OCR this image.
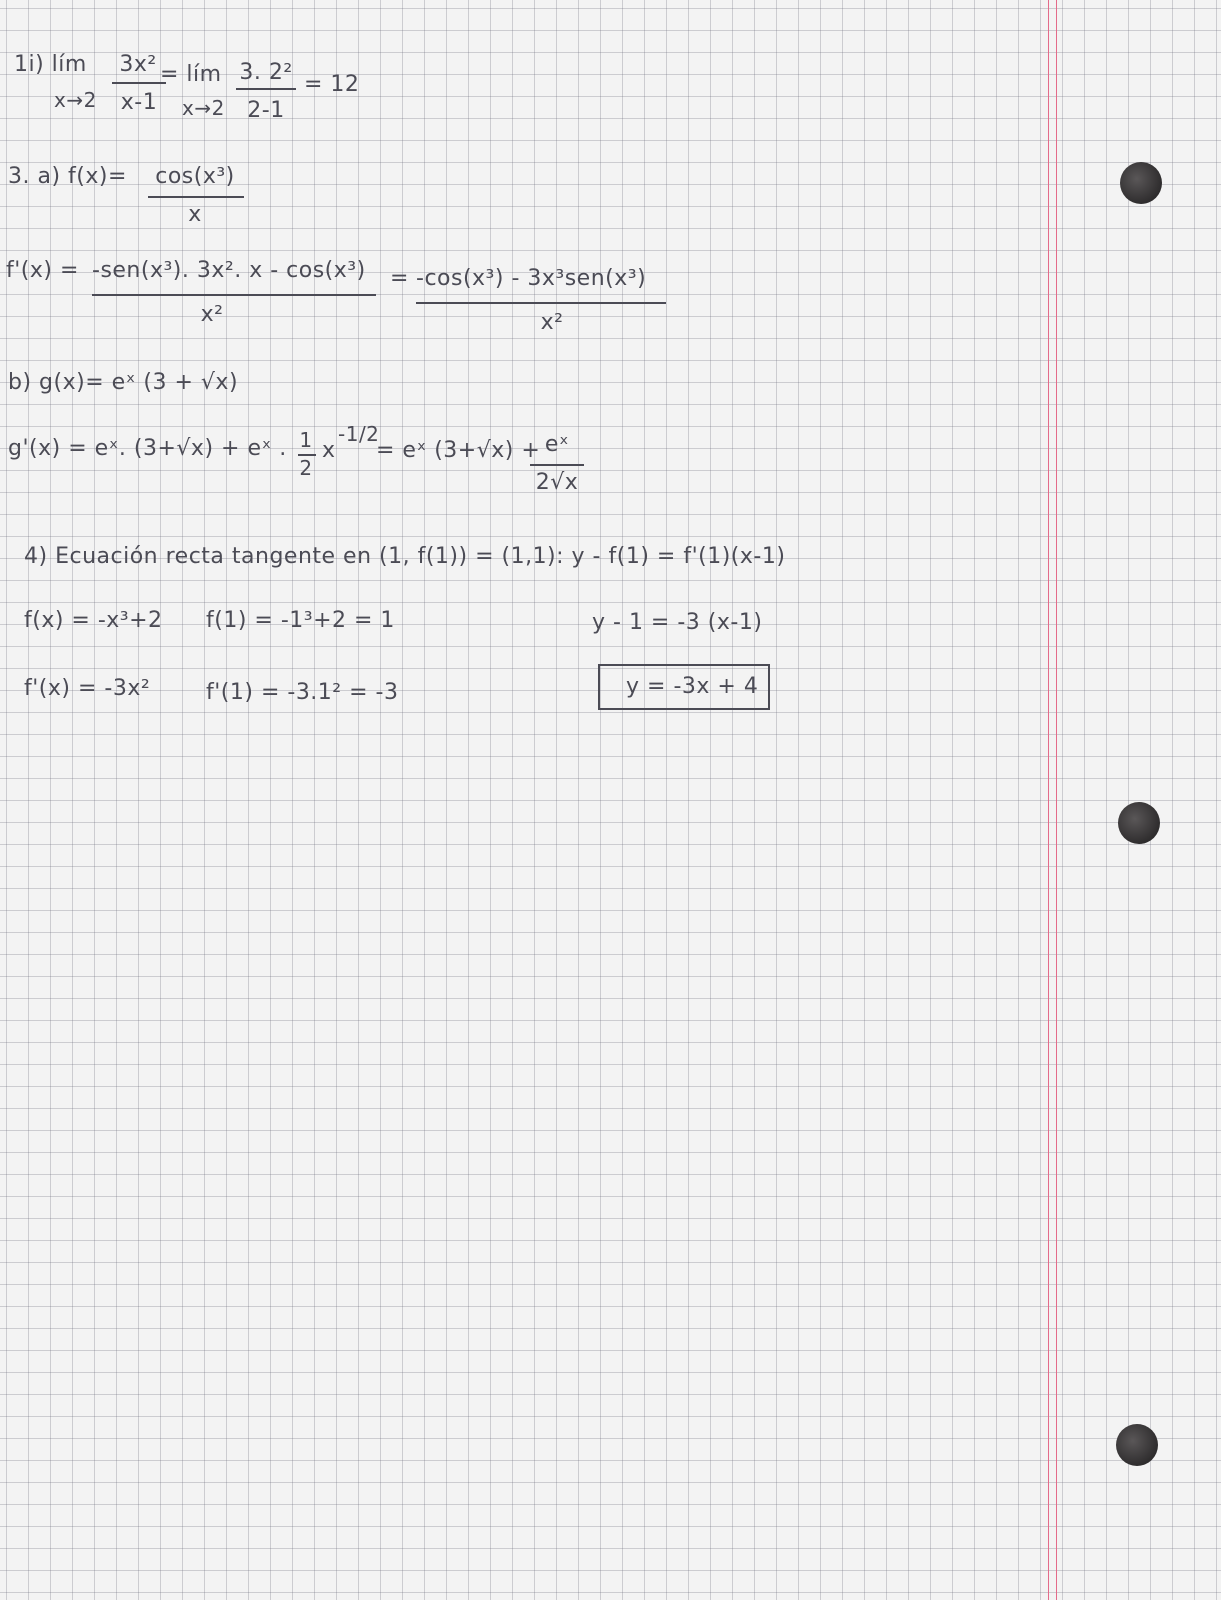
1i) lím	3x² = lím 3. 2² = 12
x→2	x-1	x→2	2-1
3. a) f(x)=	cos(x³)
x
f'(x) = -sen(x³). 3x². x - cos(x³) =
x²
-cos(x³) - 3x³sen(x³)
x²
b) g(x)= eˣ (3 + √x)
g'(x) = eˣ. (3+√x) + eˣ . 1
2
x
-1/2
= eˣ (3+√x) + eˣ
2√x
4) Ecuación recta tangente en (1, f(1)) = (1,1): y - f(1) = f'(1)(x-1)
f(x) = -x³+2 f(1) = -1³+2 = 1	y - 1 = -3 (x-1)
f'(x) = -3x²	f'(1) = -3.1² = -3	y = -3x + 4
